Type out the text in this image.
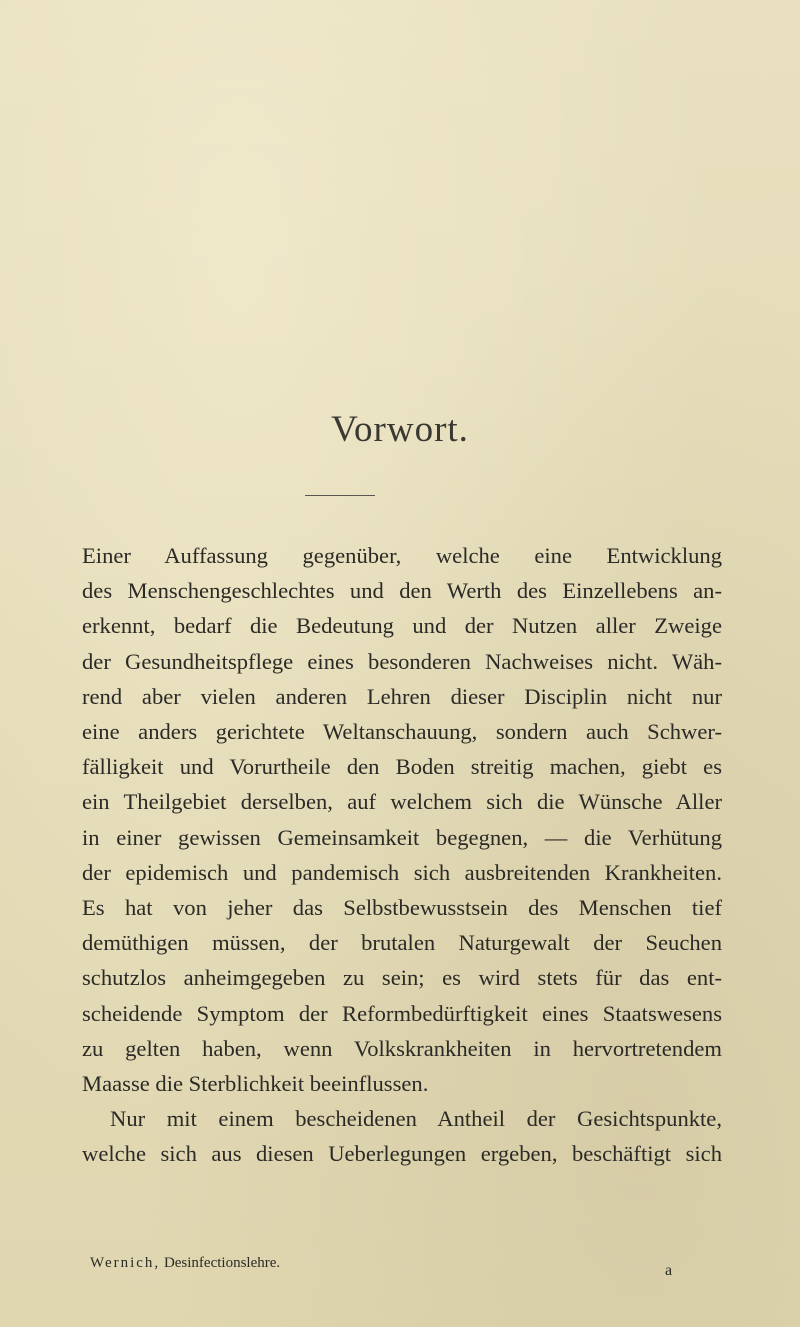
Vorwort.
Einer Auffassung gegenüber, welche eine Entwicklung
des Menschengeschlechtes und den Werth des Einzellebens an-
erkennt, bedarf die Bedeutung und der Nutzen aller Zweige
der Gesundheitspflege eines besonderen Nachweises nicht. Wäh-
rend aber vielen anderen Lehren dieser Disciplin nicht nur
eine anders gerichtete Weltanschauung, sondern auch Schwer-
fälligkeit und Vorurtheile den Boden streitig machen, giebt es
ein Theilgebiet derselben, auf welchem sich die Wünsche Aller
in einer gewissen Gemeinsamkeit begegnen, — die Verhütung
der epidemisch und pandemisch sich ausbreitenden Krankheiten.
Es hat von jeher das Selbstbewusstsein des Menschen tief
demüthigen müssen, der brutalen Naturgewalt der Seuchen
schutzlos anheimgegeben zu sein; es wird stets für das ent-
scheidende Symptom der Reformbedürftigkeit eines Staatswesens
zu gelten haben, wenn Volkskrankheiten in hervortretendem
Maasse die Sterblichkeit beeinflussen.
Nur mit einem bescheidenen Antheil der Gesichtspunkte,
welche sich aus diesen Ueberlegungen ergeben, beschäftigt sich
Wernich, Desinfectionslehre.	a
